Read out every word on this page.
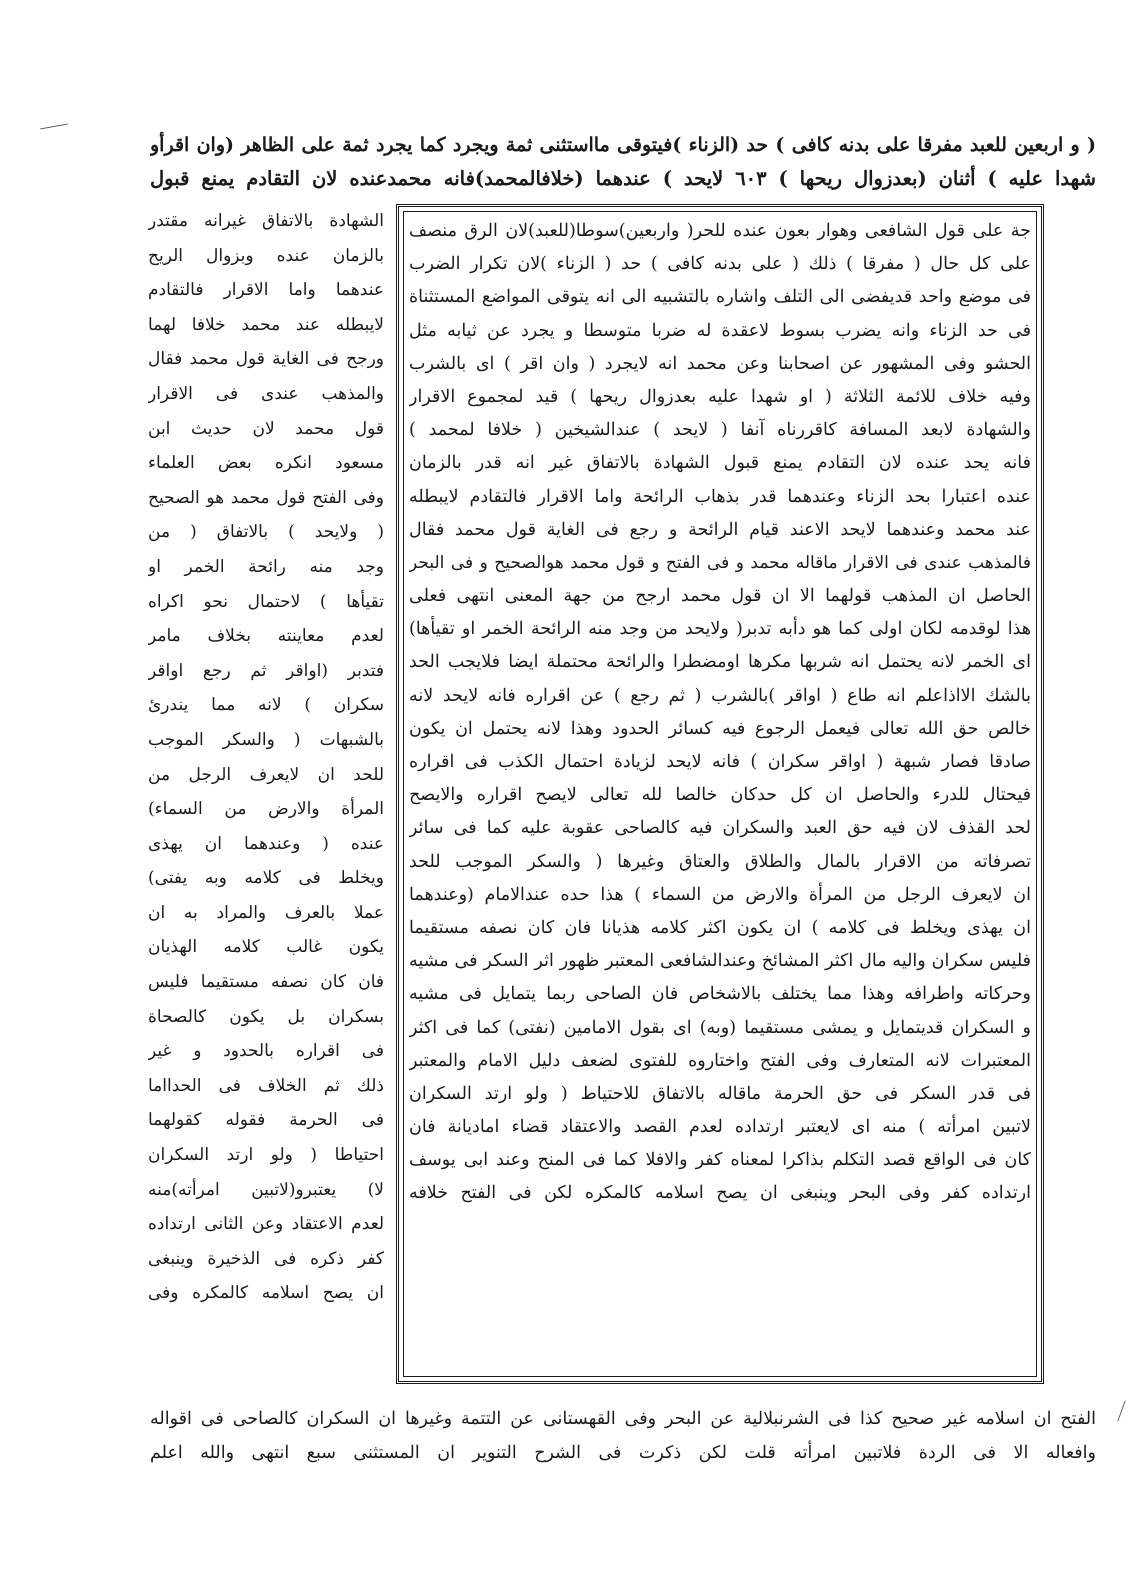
( و اربعين للعبد مفرقا على بدنه كافى ) حد (الزناء )فيتوقى مااستثنى ثمة ويجرد كما يجرد ثمة على الظاهر (وان اقرأو
شهدا عليه ) أثنان (بعدزوال ريحها ) ٦٠٣ لايحد ) عندهما (خلافالمحمد)فانه محمدعنده لان التقادم يمنع قبول
جة على قول الشافعى وهوار بعون عنده للحر( واربعين)سوطا(للعبد)لان الرق منصف
على كل حال ( مفرقا ) ذلك ( على بدنه كافى ) حد ( الزناء )لان تكرار الضرب
فى موضع واحد قديفضى الى التلف واشاره بالتشبيه الى انه يتوقى المواضع المستثناة
فى حد الزناء وانه يضرب بسوط لاعقدة له ضربا متوسطا و يجرد عن ثيابه مثل
الحشو وفى المشهور عن اصحابنا وعن محمد انه لايجرد ( وان اقر ) اى بالشرب
وفيه خلاف للائمة الثلاثة ( او شهدا عليه بعدزوال ريحها ) قيد لمجموع الاقرار
والشهادة لابعد المسافة كاقررناه آنفا ( لايحد ) عندالشيخين ( خلافا لمحمد )
فانه يحد عنده لان التقادم يمنع قبول الشهادة بالاتفاق غير انه قدر بالزمان
عنده اعتبارا بحد الزناء وعندهما قدر بذهاب الرائحة واما الاقرار فالتقادم لايبطله
عند محمد وعندهما لايحد الاعند قيام الرائحة و رجع فى الغاية قول محمد فقال
فالمذهب عندى فى الاقرار ماقاله محمد و فى الفتح و قول محمد هوالصحيح و فى البحر
الحاصل ان المذهب قولهما الا ان قول محمد ارجح من جهة المعنى انتهى فعلى
هذا لوقدمه لكان اولى كما هو دأبه تدبر( ولايحد من وجد منه الرائحة الخمر او تقيأها)
اى الخمر لانه يحتمل انه شربها مكرها اومضطرا والرائحة محتملة ايضا فلايجب الحد
بالشك الااذاعلم انه طاع ( اواقر )بالشرب ( ثم رجع ) عن اقراره فانه لايحد لانه
خالص حق الله تعالى فيعمل الرجوع فيه كسائر الحدود وهذا لانه يحتمل ان يكون
صادقا فصار شبهة ( اواقر سكران ) فانه لايحد لزيادة احتمال الكذب فى اقراره
فيحتال للدرء والحاصل ان كل حدكان خالصا لله تعالى لايصح اقراره والايصح
لحد القذف لان فيه حق العبد والسكران فيه كالصاحى عقوبة عليه كما فى سائر
تصرفاته من الاقرار بالمال والطلاق والعتاق وغيرها ( والسكر الموجب للحد
ان لايعرف الرجل من المرأة والارض من السماء ) هذا حده عندالامام (وعندهما
ان يهذى ويخلط فى كلامه ) ان يكون اكثر كلامه هذيانا فان كان نصفه مستقيما
فليس سكران واليه مال اكثر المشائخ وعندالشافعى المعتبر ظهور اثر السكر فى مشيه
وحركاته واطرافه وهذا مما يختلف بالاشخاص فان الصاحى ربما يتمايل فى مشيه
و السكران قديتمايل و يمشى مستقيما (وبه) اى بقول الامامين (نفتى) كما فى اكثر
المعتبرات لانه المتعارف وفى الفتح واختاروه للفتوى لضعف دليل الامام والمعتبر
فى قدر السكر فى حق الحرمة ماقاله بالاتفاق للاحتياط ( ولو ارتد السكران
لاتبين امرأته ) منه اى لايعتبر ارتداده لعدم القصد والاعتقاد قضاء اماديانة فان
كان فى الواقع قصد التكلم بذاكرا لمعناه كفر والافلا كما فى المنح وعند ابى يوسف
ارتداده كفر وفى البحر وينبغى ان يصح اسلامه كالمكره لكن فى الفتح خلافه
الشهادة بالاتفاق غيرانه مقتدر
بالزمان عنده وبزوال الريح
عندهما واما الاقرار فالتقادم
لايبطله عند محمد خلافا لهما
ورجح فى الغاية قول محمد فقال
والمذهب عندى فى الاقرار
قول محمد لان حديث ابن
مسعود انكره بعض العلماء
وفى الفتح قول محمد هو الصحيح
( ولايحد ) بالاتفاق ( من
وجد منه رائحة الخمر او
تقيأها ) لاحتمال نحو اكراه
لعدم معاينته بخلاف مامر
فتدبر (اواقر ثم رجع اواقر
سكران ) لانه مما يندرئ
بالشبهات ( والسكر الموجب
للحد ان لايعرف الرجل من
المرأة والارض من السماء)
عنده ( وعندهما ان يهذى
ويخلط فى كلامه وبه يفتى)
عملا بالعرف والمراد به ان
يكون غالب كلامه الهذيان
فان كان نصفه مستقيما فليس
بسكران بل يكون كالصحاة
فى اقراره بالحدود و غير
ذلك ثم الخلاف فى الحدااما
فى الحرمة فقوله كقولهما
احتياطا ( ولو ارتد السكران
لا) يعتبرو(لاتبين امرأته)منه
لعدم الاعتقاد وعن الثانى ارتداده
كفر ذكره فى الذخيرة وينبغى
ان يصح اسلامه كالمكره وفى
الفتح ان اسلامه غير صحيح كذا فى الشرنبلالية عن البحر وفى القهستانى عن التتمة وغيرها ان السكران كالصاحى فى اقواله
وافعاله الا فى الردة فلاتبين امرأته قلت لكن ذكرت فى الشرح التنوير ان المستثنى سبع انتهى والله اعلم
